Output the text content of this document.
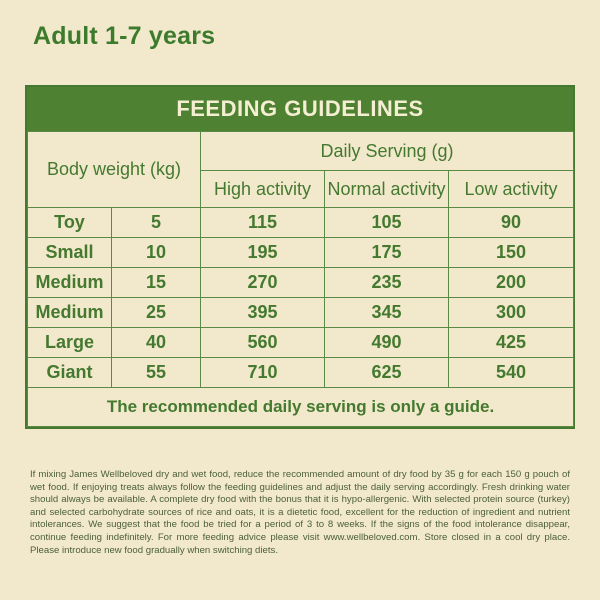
Adult 1-7 years
FEEDING GUIDELINES
Body weight (kg)		Daily Serving (g)		
		High activity	Normal activity	Low activity
Toy	5	115	105	90
Small	10	195	175	150
Medium	15	270	235	200
Medium	25	395	345	300
Large	40	560	490	425
Giant	55	710	625	540
The recommended daily serving is only a guide.				
If mixing James Wellbeloved dry and wet food, reduce the recommended amount of dry food by 35 g for each 150 g pouch of wet food. If enjoying treats always follow the feeding guidelines and adjust the daily serving accordingly. Fresh drinking water should always be available. A complete dry food with the bonus that it is hypo-allergenic. With selected protein source (turkey) and selected carbohydrate sources of rice and oats, it is a dietetic food, excellent for the reduction of ingredient and nutrient intolerances. We suggest that the food be tried for a period of 3 to 8 weeks. If the signs of the food intolerance disappear, continue feeding indefinitely. For more feeding advice please visit www.wellbeloved.com. Store closed in a cool dry place. Please introduce new food gradually when switching diets.
